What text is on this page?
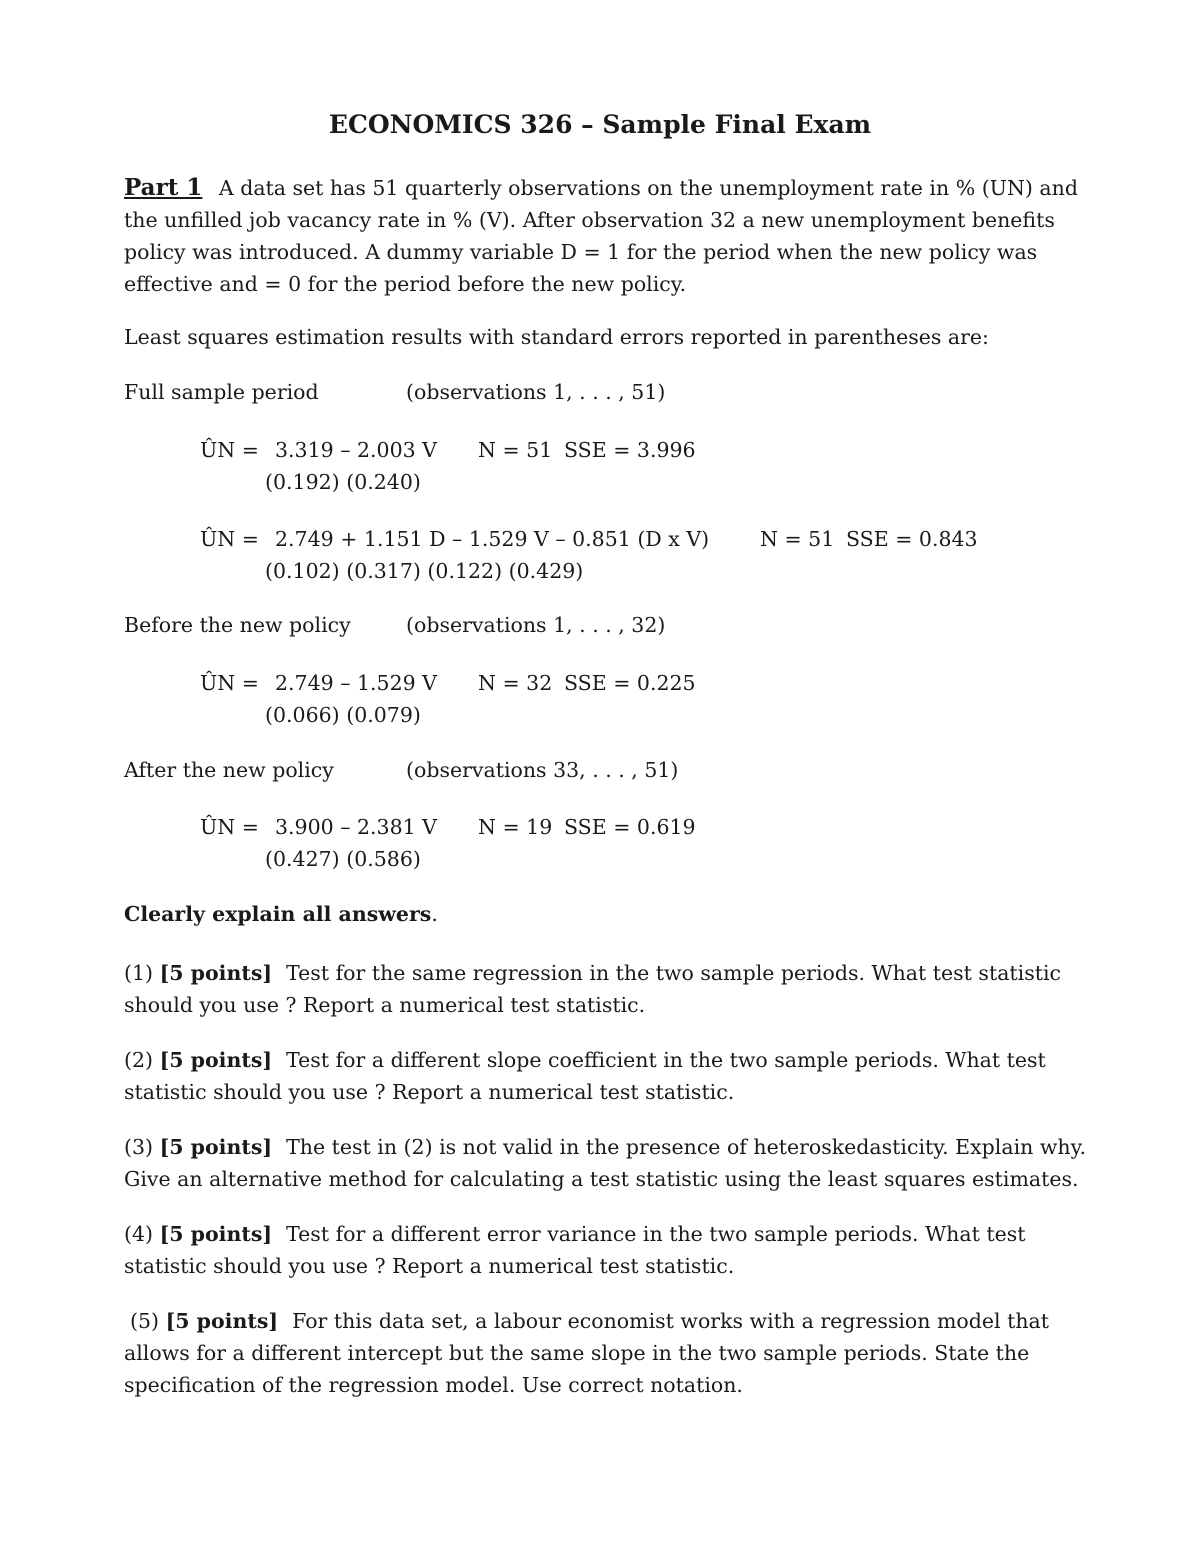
ECONOMICS 326 – Sample Final Exam
Part 1 A data set has 51 quarterly observations on the unemployment rate in % (UN) and
the unfilled job vacancy rate in % (V). After observation 32 a new unemployment benefits
policy was introduced. A dummy variable D = 1 for the period when the new policy was
effective and = 0 for the period before the new policy.
Least squares estimation results with standard errors reported in parentheses are:
Full sample period	(observations 1, . . . , 51)
ÛN = 3.319 – 2.003 V N = 51 SSE = 3.996
(0.192) (0.240)
ÛN = 2.749 + 1.151 D – 1.529 V – 0.851 (D x V) N = 51 SSE = 0.843
(0.102) (0.317) (0.122) (0.429)
Before the new policy	(observations 1, . . . , 32)
ÛN = 2.749 – 1.529 V N = 32 SSE = 0.225
(0.066) (0.079)
After the new policy	(observations 33, . . . , 51)
ÛN = 3.900 – 2.381 V N = 19 SSE = 0.619
(0.427) (0.586)
Clearly explain all answers.
(1) [5 points] Test for the same regression in the two sample periods. What test statistic
should you use ? Report a numerical test statistic.
(2) [5 points] Test for a different slope coefficient in the two sample periods. What test
statistic should you use ? Report a numerical test statistic.
(3) [5 points] The test in (2) is not valid in the presence of heteroskedasticity. Explain why.
Give an alternative method for calculating a test statistic using the least squares estimates.
(4) [5 points] Test for a different error variance in the two sample periods. What test
statistic should you use ? Report a numerical test statistic.
(5) [5 points] For this data set, a labour economist works with a regression model that
allows for a different intercept but the same slope in the two sample periods. State the
specification of the regression model. Use correct notation.
